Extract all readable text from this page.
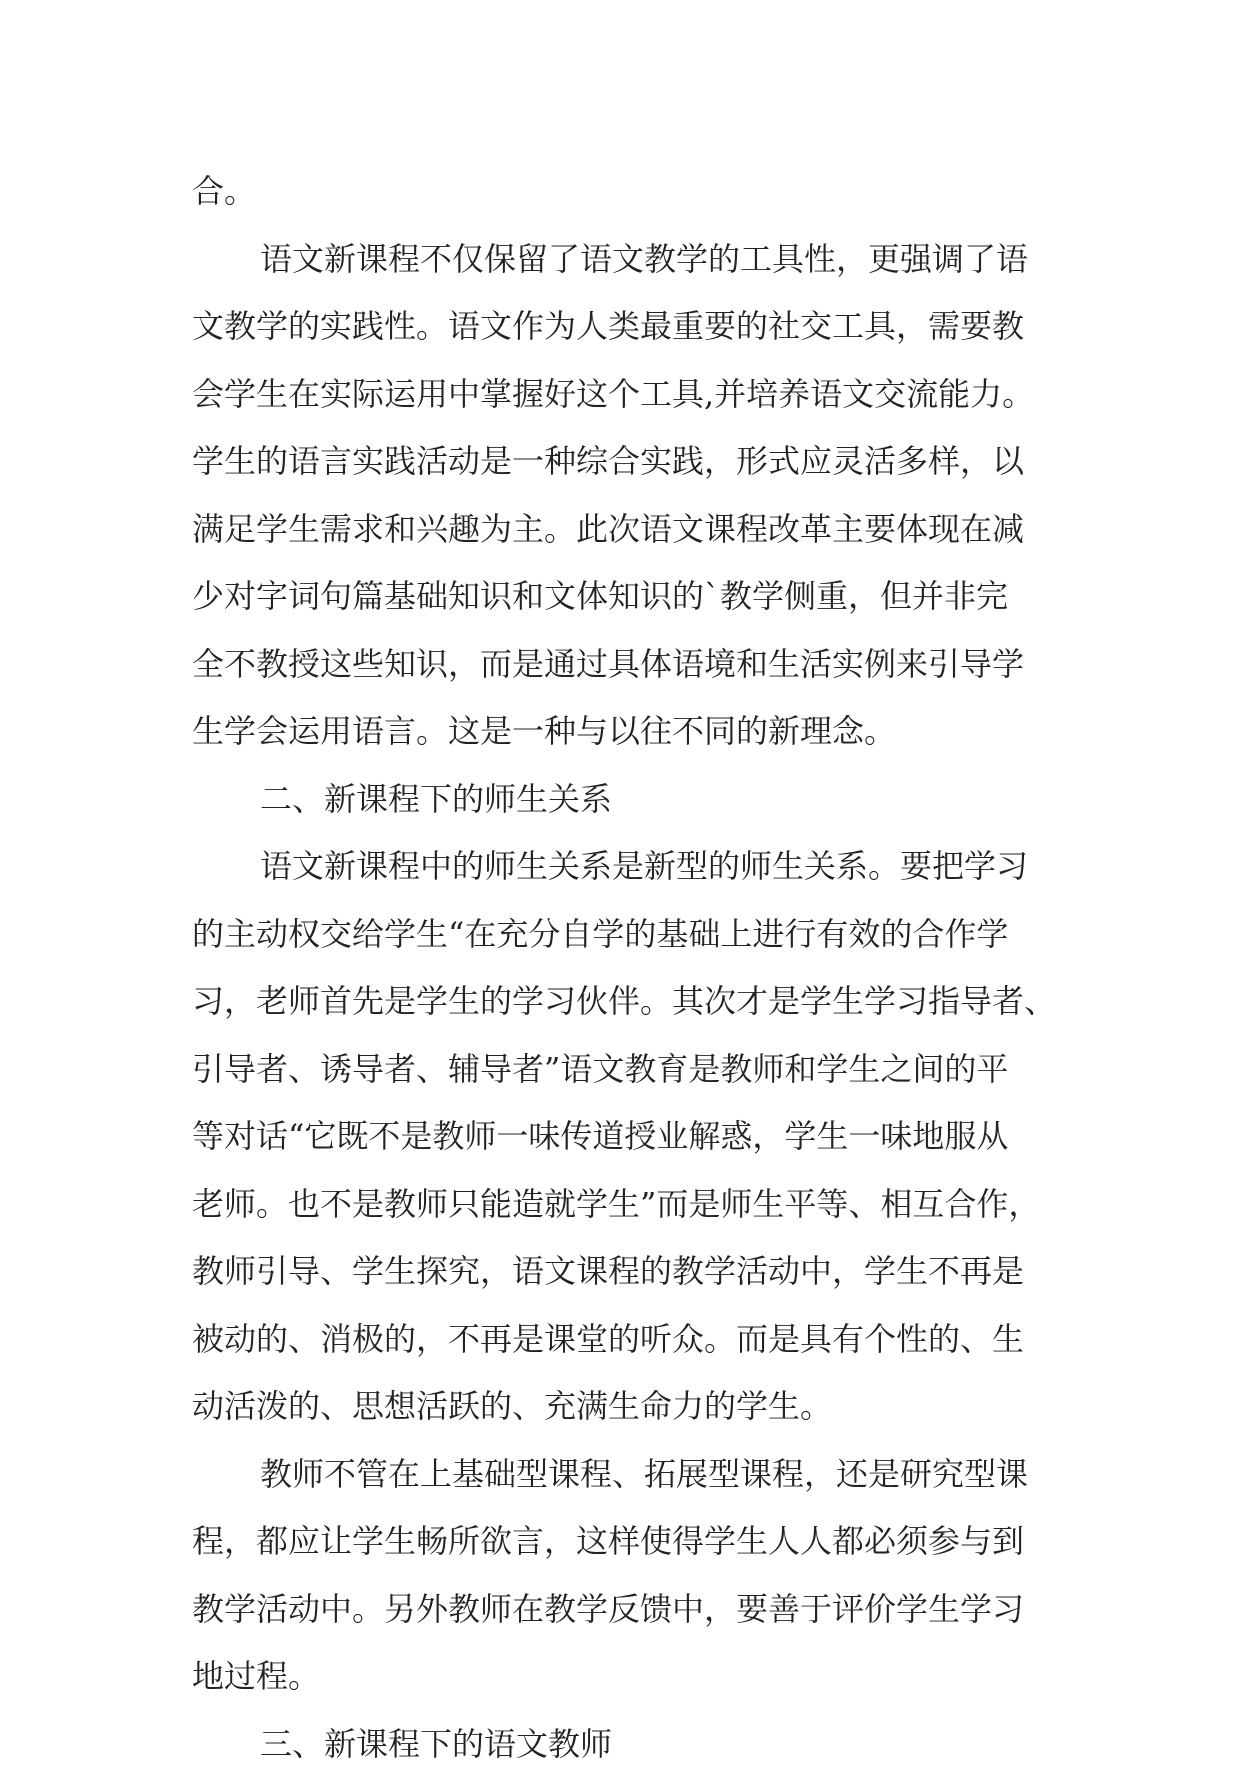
合。
语文新课程不仅保留了语文教学的工具性，更强调了语
文教学的实践性。语文作为人类最重要的社交工具，需要教
会学生在实际运用中掌握好这个工具,并培养语文交流能力。
学生的语言实践活动是一种综合实践，形式应灵活多样，以
满足学生需求和兴趣为主。此次语文课程改革主要体现在减
少对字词句篇基础知识和文体知识的`教学侧重，但并非完
全不教授这些知识，而是通过具体语境和生活实例来引导学
生学会运用语言。这是一种与以往不同的新理念。
二、新课程下的师生关系
语文新课程中的师生关系是新型的师生关系。要把学习
的主动权交给学生“在充分自学的基础上进行有效的合作学
习，老师首先是学生的学习伙伴。其次才是学生学习指导者、
引导者、诱导者、辅导者”语文教育是教师和学生之间的平
等对话“它既不是教师一味传道授业解惑，学生一味地服从
老师。也不是教师只能造就学生”而是师生平等、相互合作，
教师引导、学生探究，语文课程的教学活动中，学生不再是
被动的、消极的，不再是课堂的听众。而是具有个性的、生
动活泼的、思想活跃的、充满生命力的学生。
教师不管在上基础型课程、拓展型课程，还是研究型课
程，都应让学生畅所欲言，这样使得学生人人都必须参与到
教学活动中。另外教师在教学反馈中，要善于评价学生学习
地过程。
三、新课程下的语文教师
